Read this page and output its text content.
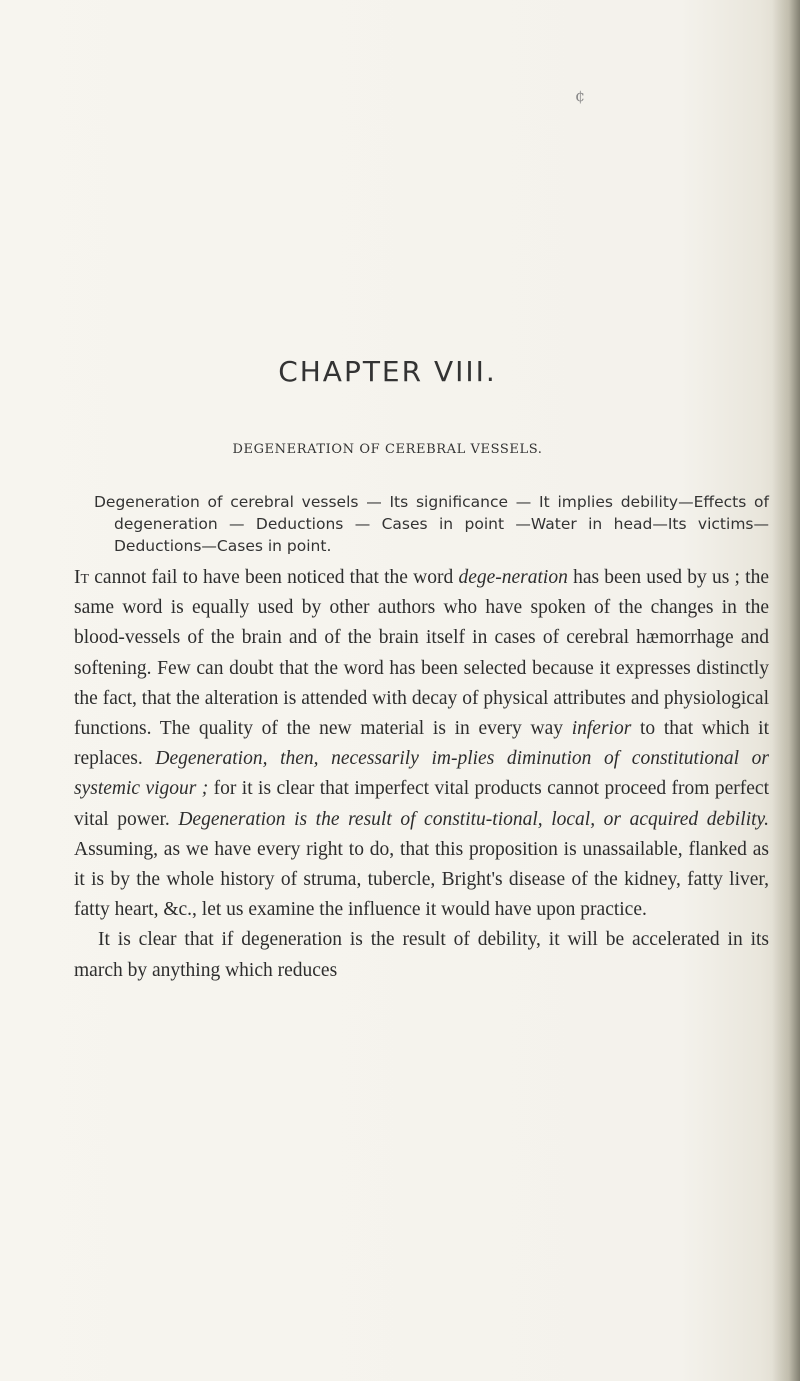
¢
CHAPTER VIII.
DEGENERATION OF CEREBRAL VESSELS.
Degeneration of cerebral vessels — Its significance — It implies debility—Effects of degeneration — Deductions — Cases in point —Water in head—Its victims—Deductions—Cases in point.

It cannot fail to have been noticed that the word dege-neration has been used by us ; the same word is equally used by other authors who have spoken of the changes in the blood-vessels of the brain and of the brain itself in cases of cerebral hæmorrhage and softening. Few can doubt that the word has been selected because it expresses distinctly the fact, that the alteration is attended with decay of physical attributes and physiological functions. The quality of the new material is in every way inferior to that which it replaces. Degeneration, then, necessarily im-plies diminution of constitutional or systemic vigour ; for it is clear that imperfect vital products cannot proceed from perfect vital power. Degeneration is the result of constitu-tional, local, or acquired debility. Assuming, as we have every right to do, that this proposition is unassailable, flanked as it is by the whole history of struma, tubercle, Bright's disease of the kidney, fatty liver, fatty heart, &c., let us examine the influence it would have upon practice.

It is clear that if degeneration is the result of debility, it will be accelerated in its march by anything which reduces
